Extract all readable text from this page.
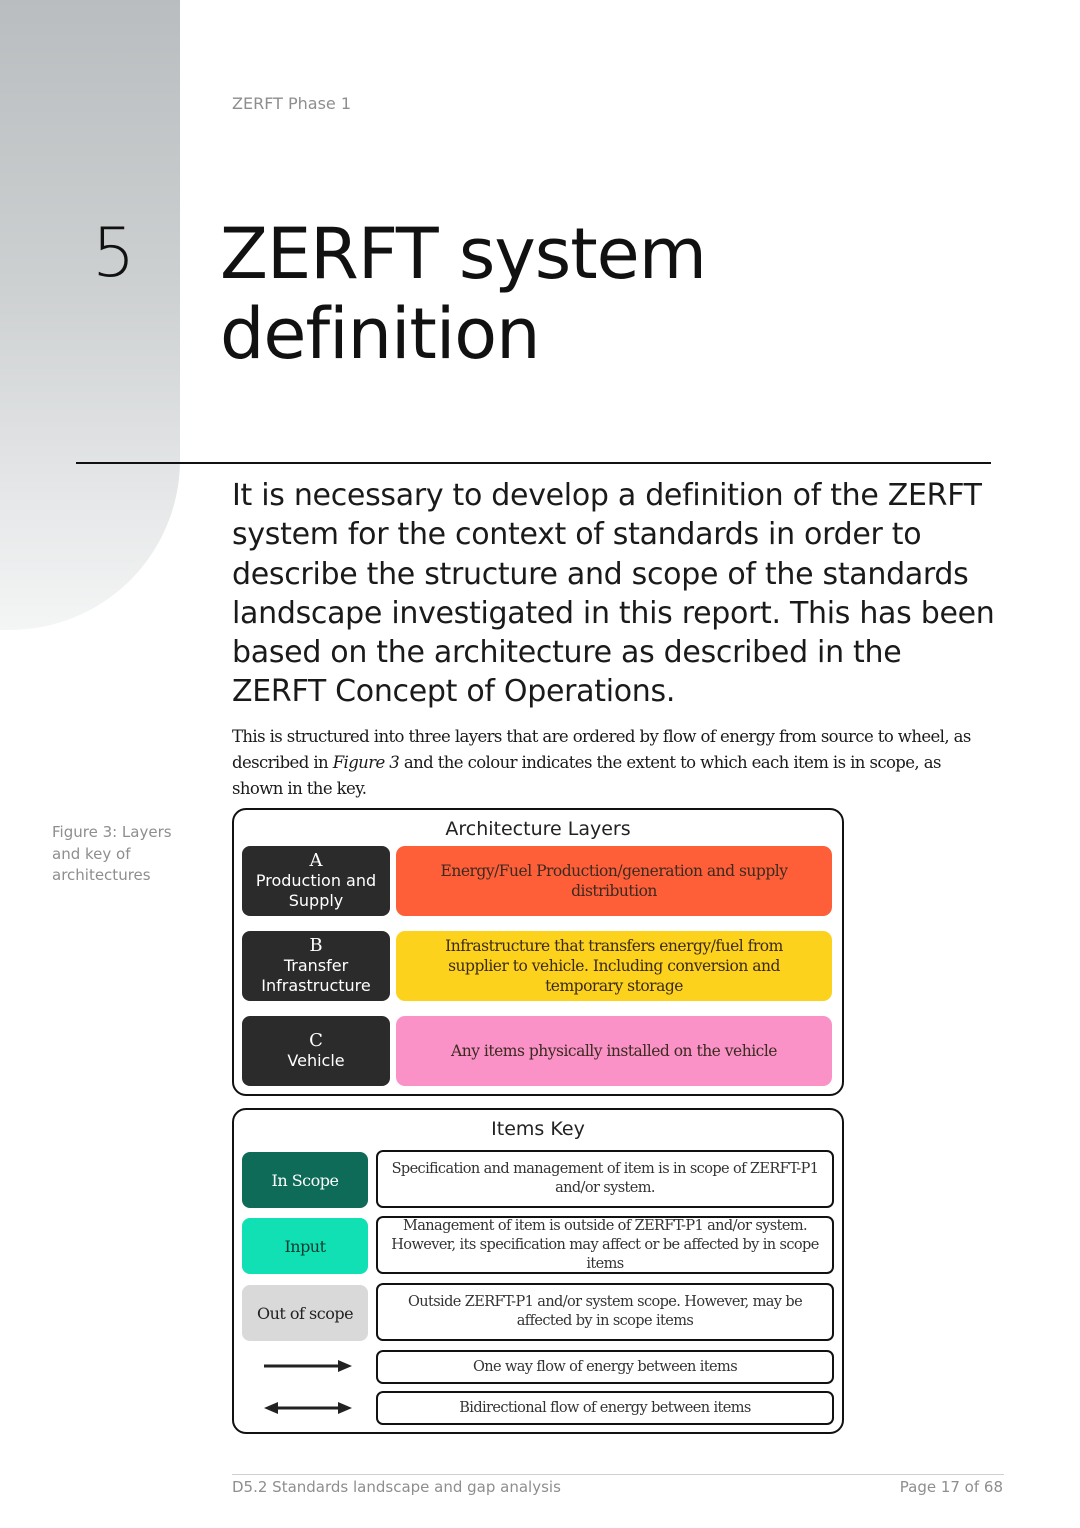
ZERFT Phase 1
5 ZERFT system definition

It is necessary to develop a definition of the ZERFT system for the context of standards in order to describe the structure and scope of the standards landscape investigated in this report. This has been based on the architecture as described in the ZERFT Concept of Operations.

This is structured into three layers that are ordered by flow of energy from source to wheel, as described in Figure 3 and the colour indicates the extent to which each item is in scope, as shown in the key.

Figure 3: Layers and key of architectures

Architecture Layers
A
Production and Supply
Energy/Fuel Production/generation and supply distribution
B
Transfer Infrastructure
Infrastructure that transfers energy/fuel from supplier to vehicle. Including conversion and temporary storage
C
Vehicle	Any items physically installed on the vehicle
Items Key
In Scope
Specification and management of item is in scope of ZERFT-P1 and/or system.
Input
Management of item is outside of ZERFT-P1 and/or system. However, its specification may affect or be affected by in scope items
Out of scope
Outside ZERFT-P1 and/or system scope. However, may be affected by in scope items
One way flow of energy between items
Bidirectional flow of energy between items
D5.2 Standards landscape and gap analysis	Page 17 of 68
